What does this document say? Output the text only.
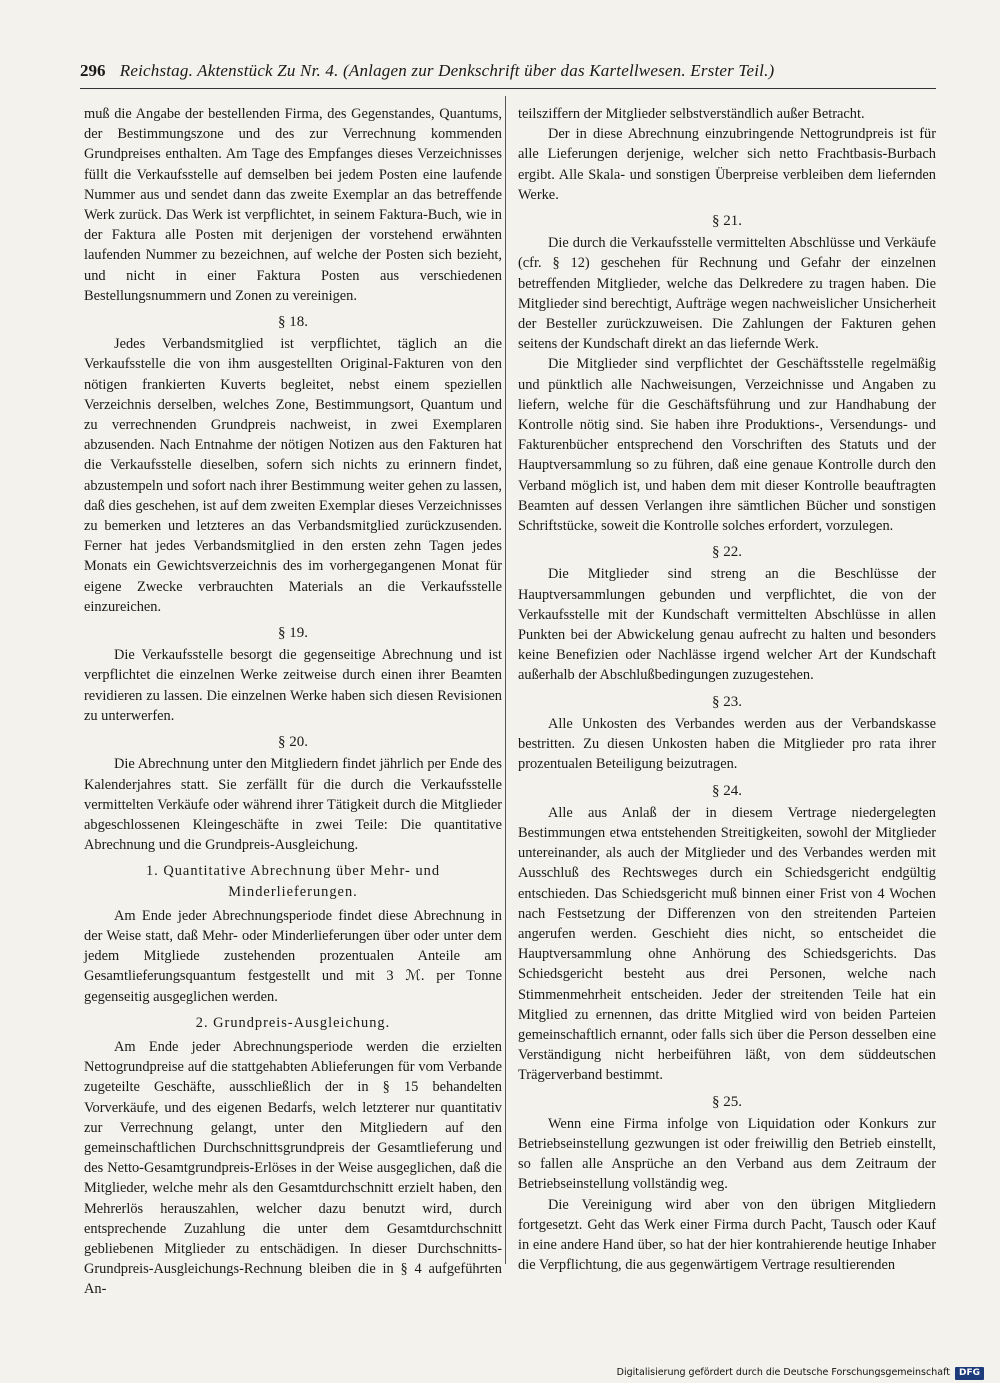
296 Reichstag. Aktenstück Zu Nr. 4. (Anlagen zur Denkschrift über das Kartellwesen. Erster Teil.)

muß die Angabe der bestellenden Firma, des Gegenstandes, Quantums, der Bestimmungszone und des zur Verrechnung kommenden Grundpreises enthalten. Am Tage des Empfanges dieses Verzeichnisses füllt die Verkaufsstelle auf demselben bei jedem Posten eine laufende Nummer aus und sendet dann das zweite Exemplar an das betreffende Werk zurück. Das Werk ist verpflichtet, in seinem Faktura-Buch, wie in der Faktura alle Posten mit derjenigen der vorstehend erwähnten laufenden Nummer zu bezeichnen, auf welche der Posten sich bezieht, und nicht in einer Faktura Posten aus verschiedenen Bestellungsnummern und Zonen zu vereinigen.

§ 18.

Jedes Verbandsmitglied ist verpflichtet, täglich an die Verkaufsstelle die von ihm ausgestellten Original-Fakturen von den nötigen frankierten Kuverts begleitet, nebst einem speziellen Verzeichnis derselben, welches Zone, Bestimmungsort, Quantum und zu verrechnenden Grundpreis nachweist, in zwei Exemplaren abzusenden. Nach Entnahme der nötigen Notizen aus den Fakturen hat die Verkaufsstelle dieselben, sofern sich nichts zu erinnern findet, abzustempeln und sofort nach ihrer Bestimmung weiter gehen zu lassen, daß dies geschehen, ist auf dem zweiten Exemplar dieses Verzeichnisses zu bemerken und letzteres an das Verbandsmitglied zurückzusenden. Ferner hat jedes Verbandsmitglied in den ersten zehn Tagen jedes Monats ein Gewichtsverzeichnis des im vorhergegangenen Monat für eigene Zwecke verbrauchten Materials an die Verkaufsstelle einzureichen.

§ 19.

Die Verkaufsstelle besorgt die gegenseitige Abrechnung und ist verpflichtet die einzelnen Werke zeitweise durch einen ihrer Beamten revidieren zu lassen. Die einzelnen Werke haben sich diesen Revisionen zu unterwerfen.

§ 20.

Die Abrechnung unter den Mitgliedern findet jährlich per Ende des Kalenderjahres statt. Sie zerfällt für die durch die Verkaufsstelle vermittelten Verkäufe oder während ihrer Tätigkeit durch die Mitglieder abgeschlossenen Kleingeschäfte in zwei Teile: Die quantitative Abrechnung und die Grundpreis-Ausgleichung.

1. Quantitative Abrechnung über Mehr- und Minderlieferungen.

Am Ende jeder Abrechnungsperiode findet diese Abrechnung in der Weise statt, daß Mehr- oder Minderlieferungen über oder unter dem jedem Mitgliede zustehenden prozentualen Anteile am Gesamtlieferungsquantum festgestellt und mit 3 ℳ. per Tonne gegenseitig ausgeglichen werden.

2. Grundpreis-Ausgleichung.

Am Ende jeder Abrechnungsperiode werden die erzielten Nettogrundpreise auf die stattgehabten Ablieferungen für vom Verbande zugeteilte Geschäfte, ausschließlich der in § 15 behandelten Vorverkäufe, und des eigenen Bedarfs, welch letzterer nur quantitativ zur Verrechnung gelangt, unter den Mitgliedern auf den gemeinschaftlichen Durchschnittsgrundpreis der Gesamtlieferung und des Netto-Gesamtgrundpreis-Erlöses in der Weise ausgeglichen, daß die Mitglieder, welche mehr als den Gesamtdurchschnitt erzielt haben, den Mehrerlös herauszahlen, welcher dazu benutzt wird, durch entsprechende Zuzahlung die unter dem Gesamtdurchschnitt gebliebenen Mitglieder zu entschädigen. In dieser Durchschnitts-Grundpreis-Ausgleichungs-Rechnung bleiben die in § 4 aufgeführten An-

teilsziffern der Mitglieder selbstverständlich außer Betracht.

Der in diese Abrechnung einzubringende Nettogrundpreis ist für alle Lieferungen derjenige, welcher sich netto Frachtbasis-Burbach ergibt. Alle Skala- und sonstigen Überpreise verbleiben dem liefernden Werke.

§ 21.

Die durch die Verkaufsstelle vermittelten Abschlüsse und Verkäufe (cfr. § 12) geschehen für Rechnung und Gefahr der einzelnen betreffenden Mitglieder, welche das Delkredere zu tragen haben. Die Mitglieder sind berechtigt, Aufträge wegen nachweislicher Unsicherheit der Besteller zurückzuweisen. Die Zahlungen der Fakturen gehen seitens der Kundschaft direkt an das liefernde Werk.

Die Mitglieder sind verpflichtet der Geschäftsstelle regelmäßig und pünktlich alle Nachweisungen, Verzeichnisse und Angaben zu liefern, welche für die Geschäftsführung und zur Handhabung der Kontrolle nötig sind. Sie haben ihre Produktions-, Versendungs- und Fakturenbücher entsprechend den Vorschriften des Statuts und der Hauptversammlung so zu führen, daß eine genaue Kontrolle durch den Verband möglich ist, und haben dem mit dieser Kontrolle beauftragten Beamten auf dessen Verlangen ihre sämtlichen Bücher und sonstigen Schriftstücke, soweit die Kontrolle solches erfordert, vorzulegen.

§ 22.

Die Mitglieder sind streng an die Beschlüsse der Hauptversammlungen gebunden und verpflichtet, die von der Verkaufsstelle mit der Kundschaft vermittelten Abschlüsse in allen Punkten bei der Abwickelung genau aufrecht zu halten und besonders keine Benefizien oder Nachlässe irgend welcher Art der Kundschaft außerhalb der Abschlußbedingungen zuzugestehen.

§ 23.

Alle Unkosten des Verbandes werden aus der Verbandskasse bestritten. Zu diesen Unkosten haben die Mitglieder pro rata ihrer prozentualen Beteiligung beizutragen.

§ 24.

Alle aus Anlaß der in diesem Vertrage niedergelegten Bestimmungen etwa entstehenden Streitigkeiten, sowohl der Mitglieder untereinander, als auch der Mitglieder und des Verbandes werden mit Ausschluß des Rechtsweges durch ein Schiedsgericht endgültig entschieden. Das Schiedsgericht muß binnen einer Frist von 4 Wochen nach Festsetzung der Differenzen von den streitenden Parteien angerufen werden. Geschieht dies nicht, so entscheidet die Hauptversammlung ohne Anhörung des Schiedsgerichts. Das Schiedsgericht besteht aus drei Personen, welche nach Stimmenmehrheit entscheiden. Jeder der streitenden Teile hat ein Mitglied zu ernennen, das dritte Mitglied wird von beiden Parteien gemeinschaftlich ernannt, oder falls sich über die Person desselben eine Verständigung nicht herbeiführen läßt, von dem süddeutschen Trägerverband bestimmt.

§ 25.

Wenn eine Firma infolge von Liquidation oder Konkurs zur Betriebseinstellung gezwungen ist oder freiwillig den Betrieb einstellt, so fallen alle Ansprüche an den Verband aus dem Zeitraum der Betriebseinstellung vollständig weg.

Die Vereinigung wird aber von den übrigen Mitgliedern fortgesetzt. Geht das Werk einer Firma durch Pacht, Tausch oder Kauf in eine andere Hand über, so hat der hier kontrahierende heutige Inhaber die Verpflichtung, die aus gegenwärtigem Vertrage resultierenden

Digitalisierung gefördert durch die Deutsche Forschungsgemeinschaft	DFG
